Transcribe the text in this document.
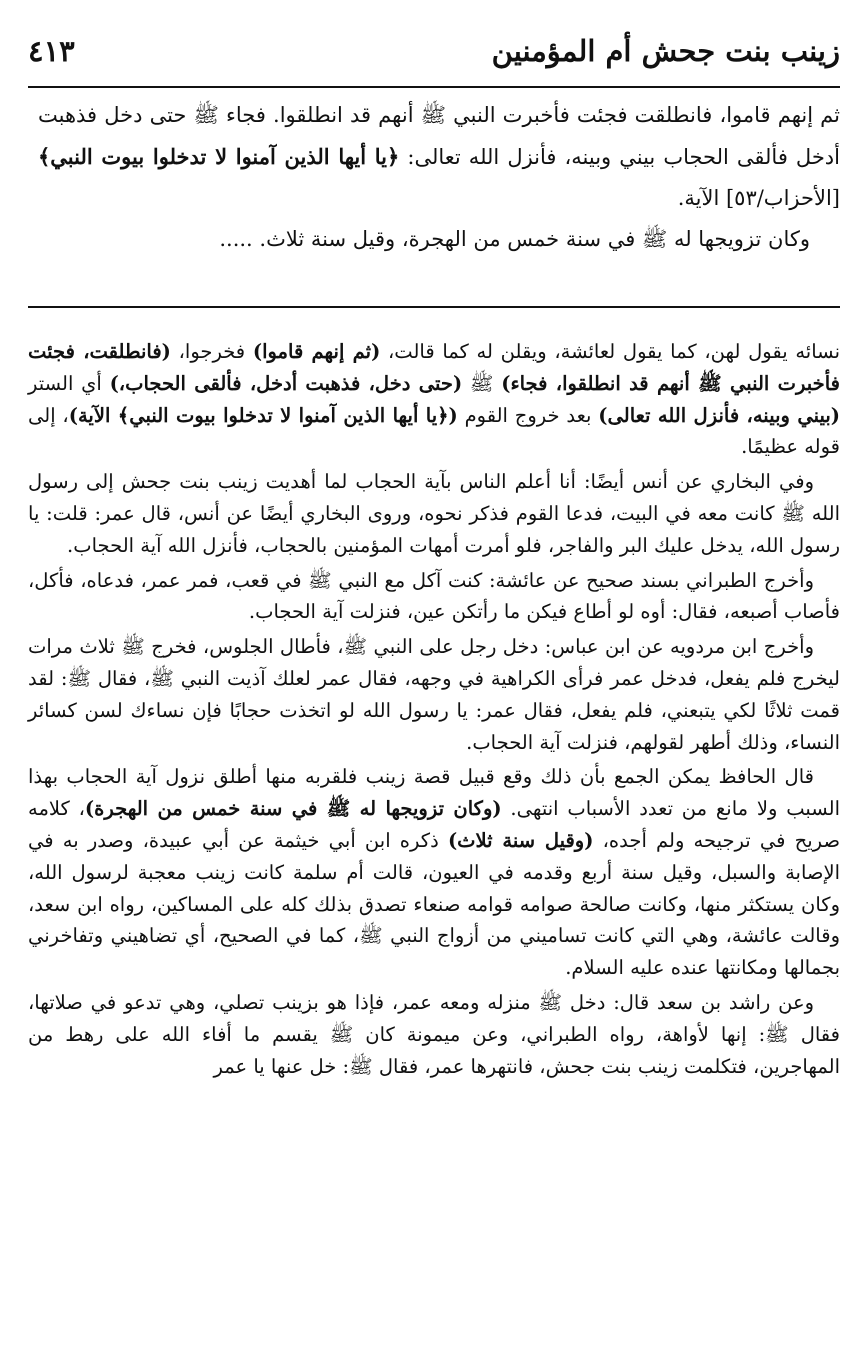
زينب بنت جحش أم المؤمنين
٤١٣

ثم إنهم قاموا، فانطلقت فجئت فأخبرت النبي ﷺ أنهم قد انطلقوا. فجاء ﷺ حتى دخل فذهبت أدخل فألقى الحجاب بيني وبينه، فأنزل الله تعالى: ﴿يا أيها الذين آمنوا لا تدخلوا بيوت النبي﴾ [الأحزاب/٥٣] الآية.

وكان تزويجها له ﷺ في سنة خمس من الهجرة، وقيل سنة ثلاث. .....

نسائه يقول لهن، كما يقول لعائشة، ويقلن له كما قالت، (ثم إنهم قاموا) فخرجوا، (فانطلقت، فجئت فأخبرت النبي ﷺ أنهم قد انطلقوا، فجاء) ﷺ (حتى دخل، فذهبت أدخل، فألقى الحجاب،) أي الستر (بيني وبينه، فأنزل الله تعالى) بعد خروج القوم (﴿يا أيها الذين آمنوا لا تدخلوا بيوت النبي﴾ الآية)، إلى قوله عظيمًا.

وفي البخاري عن أنس أيضًا: أنا أعلم الناس بآية الحجاب لما أهديت زينب بنت جحش إلى رسول الله ﷺ كانت معه في البيت، فدعا القوم فذكر نحوه، وروى البخاري أيضًا عن أنس، قال عمر: قلت: يا رسول الله، يدخل عليك البر والفاجر، فلو أمرت أمهات المؤمنين بالحجاب، فأنزل الله آية الحجاب.

وأخرج الطبراني بسند صحيح عن عائشة: كنت آكل مع النبي ﷺ في قعب، فمر عمر، فدعاه، فأكل، فأصاب أصبعه، فقال: أوه لو أطاع فيكن ما رأتكن عين، فنزلت آية الحجاب.

وأخرج ابن مردويه عن ابن عباس: دخل رجل على النبي ﷺ، فأطال الجلوس، فخرج ﷺ ثلاث مرات ليخرج فلم يفعل، فدخل عمر فرأى الكراهية في وجهه، فقال عمر لعلك آذيت النبي ﷺ، فقال ﷺ: لقد قمت ثلاثًا لكي يتبعني، فلم يفعل، فقال عمر: يا رسول الله لو اتخذت حجابًا فإن نساءك لسن كسائر النساء، وذلك أطهر لقولهم، فنزلت آية الحجاب.

قال الحافظ يمكن الجمع بأن ذلك وقع قبيل قصة زينب فلقربه منها أطلق نزول آية الحجاب بهذا السبب ولا مانع من تعدد الأسباب انتهى. (وكان تزويجها له ﷺ في سنة خمس من الهجرة)، كلامه صريح في ترجيحه ولم أجده، (وقيل سنة ثلاث) ذكره ابن أبي خيثمة عن أبي عبيدة، وصدر به في الإصابة والسبل، وقيل سنة أربع وقدمه في العيون، قالت أم سلمة كانت زينب معجبة لرسول الله، وكان يستكثر منها، وكانت صالحة صوامه قوامه صنعاء تصدق بذلك كله على المساكين، رواه ابن سعد، وقالت عائشة، وهي التي كانت تساميني من أزواج النبي ﷺ، كما في الصحيح، أي تضاهيني وتفاخرني بجمالها ومكانتها عنده عليه السلام.

وعن راشد بن سعد قال: دخل ﷺ منزله ومعه عمر، فإذا هو بزينب تصلي، وهي تدعو في صلاتها، فقال ﷺ: إنها لأواهة، رواه الطبراني، وعن ميمونة كان ﷺ يقسم ما أفاء الله على رهط من المهاجرين، فتكلمت زينب بنت جحش، فانتهرها عمر، فقال ﷺ: خل عنها يا عمر
